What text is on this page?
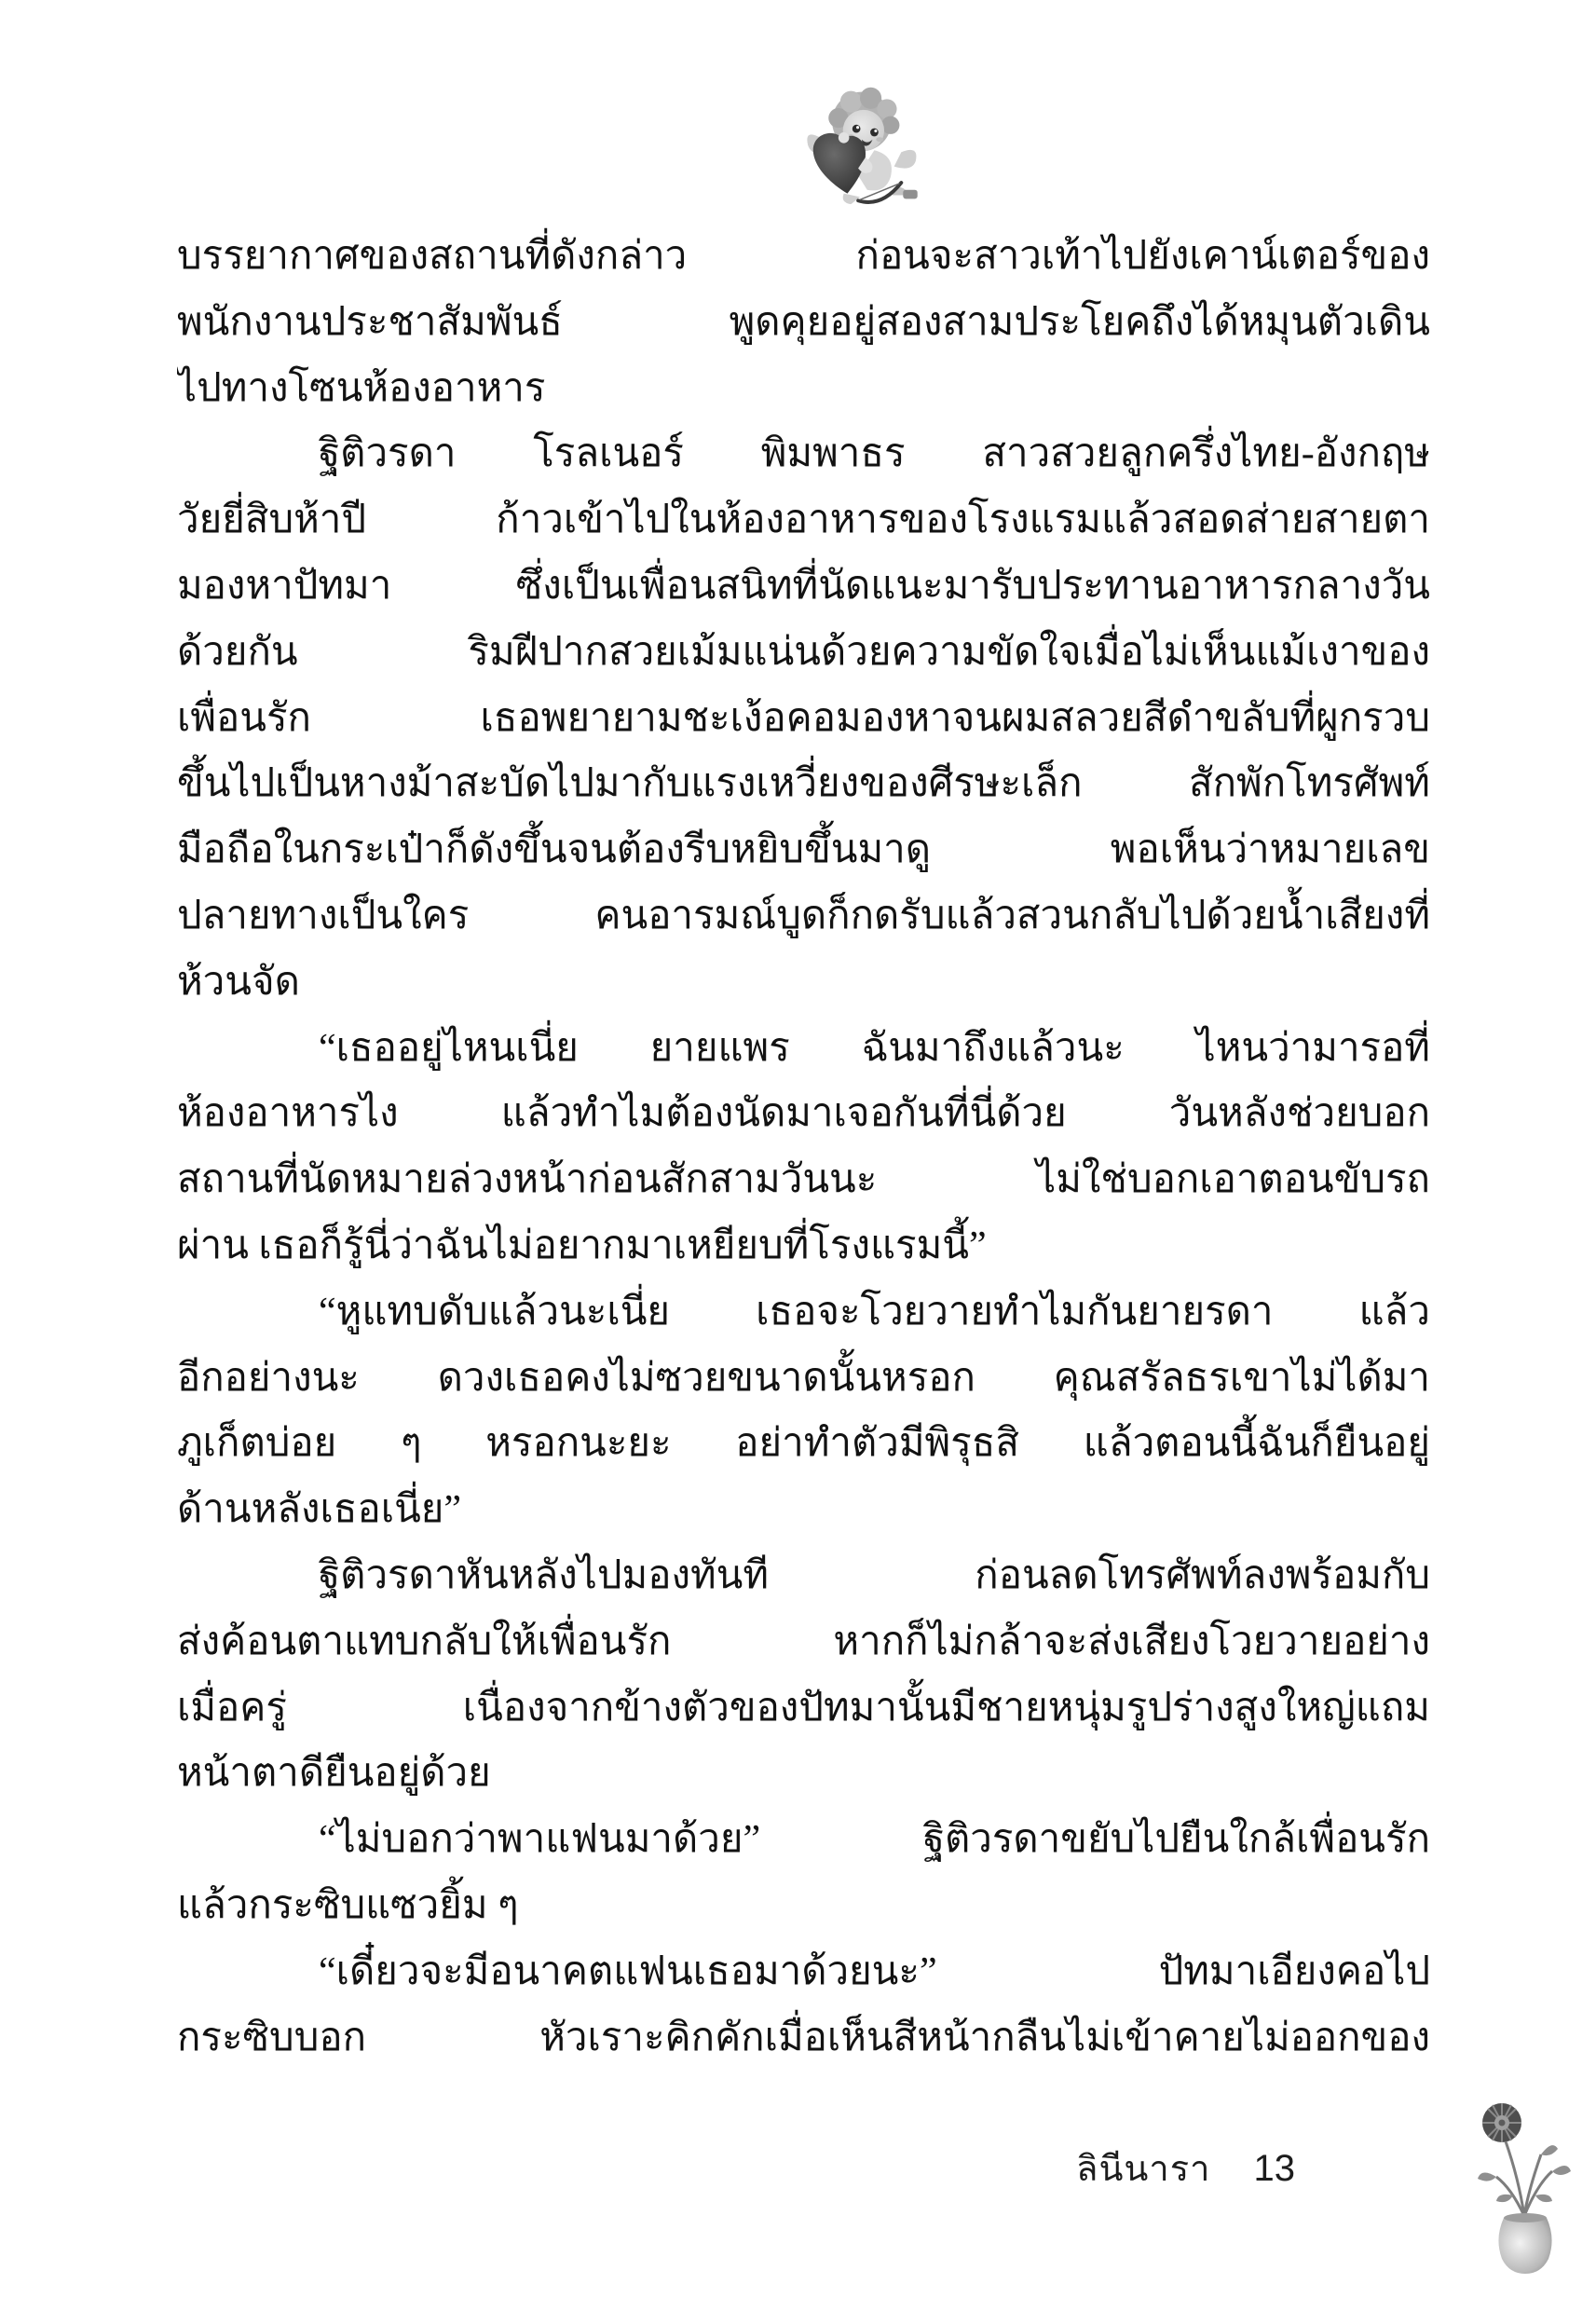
บรรยากาศของสถานที่ดังกล่าว ก่อนจะสาวเท้าไปยังเคาน์เตอร์ของ
พนักงานประชาสัมพันธ์ พูดคุยอยู่สองสามประโยคถึงได้หมุนตัวเดิน
ไปทางโซนห้องอาหาร
ฐิติวรดา โรลเนอร์ พิมพาธร สาวสวยลูกครึ่งไทย-อังกฤษ
วัยยี่สิบห้าปี ก้าวเข้าไปในห้องอาหารของโรงแรมแล้วสอดส่ายสายตา
มองหาปัทมา ซึ่งเป็นเพื่อนสนิทที่นัดแนะมารับประทานอาหารกลางวัน
ด้วยกัน ริมฝีปากสวยเม้มแน่นด้วยความขัดใจเมื่อไม่เห็นแม้เงาของ
เพื่อนรัก เธอพยายามชะเง้อคอมองหาจนผมสลวยสีดำขลับที่ผูกรวบ
ขึ้นไปเป็นหางม้าสะบัดไปมากับแรงเหวี่ยงของศีรษะเล็ก สักพักโทรศัพท์
มือถือในกระเป๋าก็ดังขึ้นจนต้องรีบหยิบขึ้นมาดู พอเห็นว่าหมายเลข
ปลายทางเป็นใคร คนอารมณ์บูดก็กดรับแล้วสวนกลับไปด้วยน้ำเสียงที่
ห้วนจัด
“เธออยู่ไหนเนี่ย ยายแพร ฉันมาถึงแล้วนะ ไหนว่ามารอที่
ห้องอาหารไง แล้วทำไมต้องนัดมาเจอกันที่นี่ด้วย วันหลังช่วยบอก
สถานที่นัดหมายล่วงหน้าก่อนสักสามวันนะ ไม่ใช่บอกเอาตอนขับรถ
ผ่าน เธอก็รู้นี่ว่าฉันไม่อยากมาเหยียบที่โรงแรมนี้”
“หูแทบดับแล้วนะเนี่ย เธอจะโวยวายทำไมกันยายรดา แล้ว
อีกอย่างนะ ดวงเธอคงไม่ซวยขนาดนั้นหรอก คุณสรัลธรเขาไม่ได้มา
ภูเก็ตบ่อย ๆ หรอกนะยะ อย่าทำตัวมีพิรุธสิ แล้วตอนนี้ฉันก็ยืนอยู่
ด้านหลังเธอเนี่ย”
ฐิติวรดาหันหลังไปมองทันที ก่อนลดโทรศัพท์ลงพร้อมกับ
ส่งค้อนตาแทบกลับให้เพื่อนรัก หากก็ไม่กล้าจะส่งเสียงโวยวายอย่าง
เมื่อครู่ เนื่องจากข้างตัวของปัทมานั้นมีชายหนุ่มรูปร่างสูงใหญ่แถม
หน้าตาดียืนอยู่ด้วย
“ไม่บอกว่าพาแฟนมาด้วย” ฐิติวรดาขยับไปยืนใกล้เพื่อนรัก
แล้วกระซิบแซวยิ้ม ๆ
“เดี๋ยวจะมีอนาคตแฟนเธอมาด้วยนะ” ปัทมาเอียงคอไป
กระซิบบอก หัวเราะคิกคักเมื่อเห็นสีหน้ากลืนไม่เข้าคายไม่ออกของ
ลินีนารา 13
